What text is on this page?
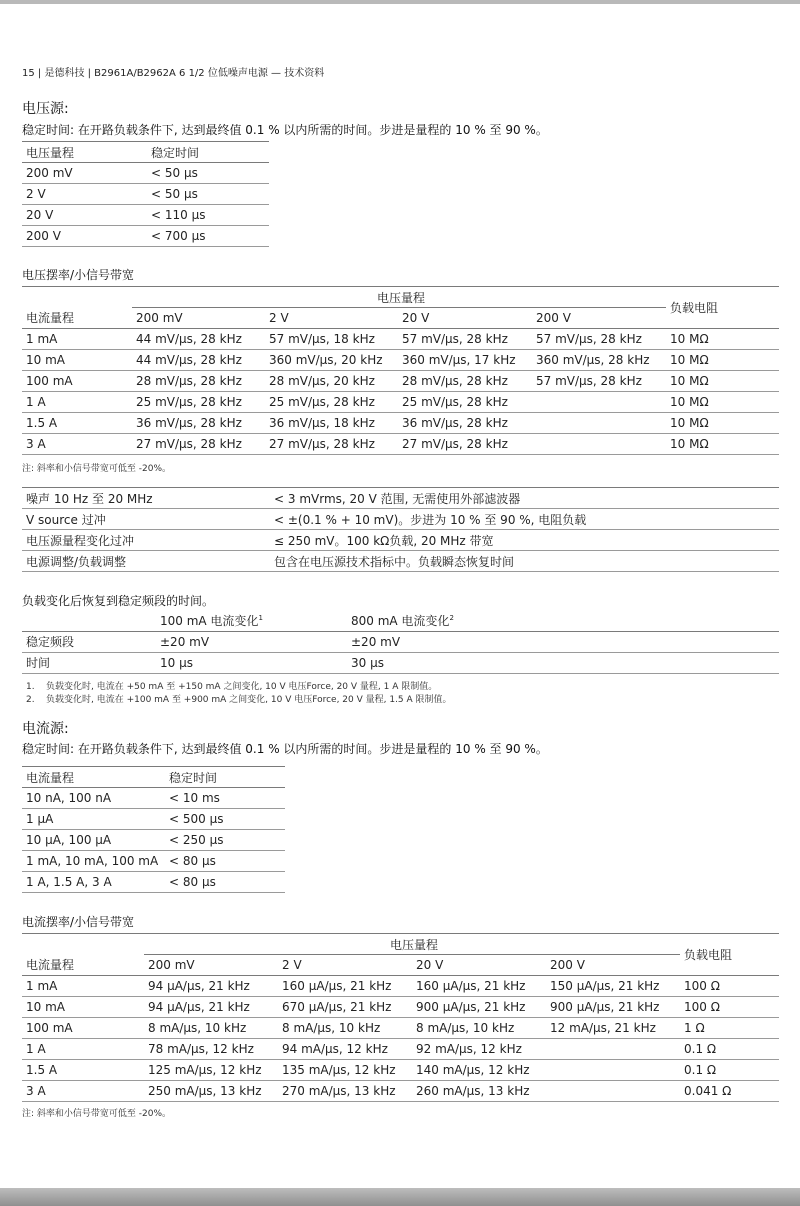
15 | 是德科技 | B2961A/B2962A 6 1/2 位低噪声电源 — 技术资料
电压源:
稳定时间: 在开路负载条件下, 达到最终值 0.1 % 以内所需的时间。步进是量程的 10 % 至 90 %。
电压量程	稳定时间
200 mV	< 50 μs
2 V	< 50 μs
20 V	< 110 μs
200 V	< 700 μs
电压摆率/小信号带宽
	电压量程				负载电阻
电流量程	200 mV	2 V	20 V	200 V	
1 mA	44 mV/μs, 28 kHz	57 mV/μs, 18 kHz	57 mV/μs, 28 kHz	57 mV/μs, 28 kHz	10 MΩ
10 mA	44 mV/μs, 28 kHz	360 mV/μs, 20 kHz	360 mV/μs, 17 kHz	360 mV/μs, 28 kHz	10 MΩ
100 mA	28 mV/μs, 28 kHz	28 mV/μs, 20 kHz	28 mV/μs, 28 kHz	57 mV/μs, 28 kHz	10 MΩ
1 A	25 mV/μs, 28 kHz	25 mV/μs, 28 kHz	25 mV/μs, 28 kHz		10 MΩ
1.5 A	36 mV/μs, 28 kHz	36 mV/μs, 18 kHz	36 mV/μs, 28 kHz		10 MΩ
3 A	27 mV/μs, 28 kHz	27 mV/μs, 28 kHz	27 mV/μs, 28 kHz		10 MΩ
注: 斜率和小信号带宽可低至 -20%。
噪声 10 Hz 至 20 MHz	< 3 mVrms, 20 V 范围, 无需使用外部滤波器
V source 过冲	< ±(0.1 % + 10 mV)。步进为 10 % 至 90 %, 电阻负载
电压源量程变化过冲	≤ 250 mV。100 kΩ负载, 20 MHz 带宽
电源调整/负载调整	包含在电压源技术指标中。负载瞬态恢复时间
负载变化后恢复到稳定频段的时间。
	100 mA 电流变化$^1$	800 mA 电流变化$^2$
稳定频段	±20 mV	±20 mV
时间	10 μs	30 μs
1. 负载变化时, 电流在 +50 mA 至 +150 mA 之间变化, 10 V 电压Force, 20 V 量程, 1 A 限制值。
2. 负载变化时, 电流在 +100 mA 至 +900 mA 之间变化, 10 V 电压Force, 20 V 量程, 1.5 A 限制值。
电流源:
稳定时间: 在开路负载条件下, 达到最终值 0.1 % 以内所需的时间。步进是量程的 10 % 至 90 %。
电流量程	稳定时间
10 nA, 100 nA	< 10 ms
1 μA	< 500 μs
10 μA, 100 μA	< 250 μs
1 mA, 10 mA, 100 mA	< 80 μs
1 A, 1.5 A, 3 A	< 80 μs
电流摆率/小信号带宽
	电压量程				负载电阻
电流量程	200 mV	2 V	20 V	200 V	
1 mA	94 μA/μs, 21 kHz	160 μA/μs, 21 kHz	160 μA/μs, 21 kHz	150 μA/μs, 21 kHz	100 Ω
10 mA	94 μA/μs, 21 kHz	670 μA/μs, 21 kHz	900 μA/μs, 21 kHz	900 μA/μs, 21 kHz	100 Ω
100 mA	8 mA/μs, 10 kHz	8 mA/μs, 10 kHz	8 mA/μs, 10 kHz	12 mA/μs, 21 kHz	1 Ω
1 A	78 mA/μs, 12 kHz	94 mA/μs, 12 kHz	92 mA/μs, 12 kHz		0.1 Ω
1.5 A	125 mA/μs, 12 kHz	135 mA/μs, 12 kHz	140 mA/μs, 12 kHz		0.1 Ω
3 A	250 mA/μs, 13 kHz	270 mA/μs, 13 kHz	260 mA/μs, 13 kHz		0.041 Ω
注: 斜率和小信号带宽可低至 -20%。
